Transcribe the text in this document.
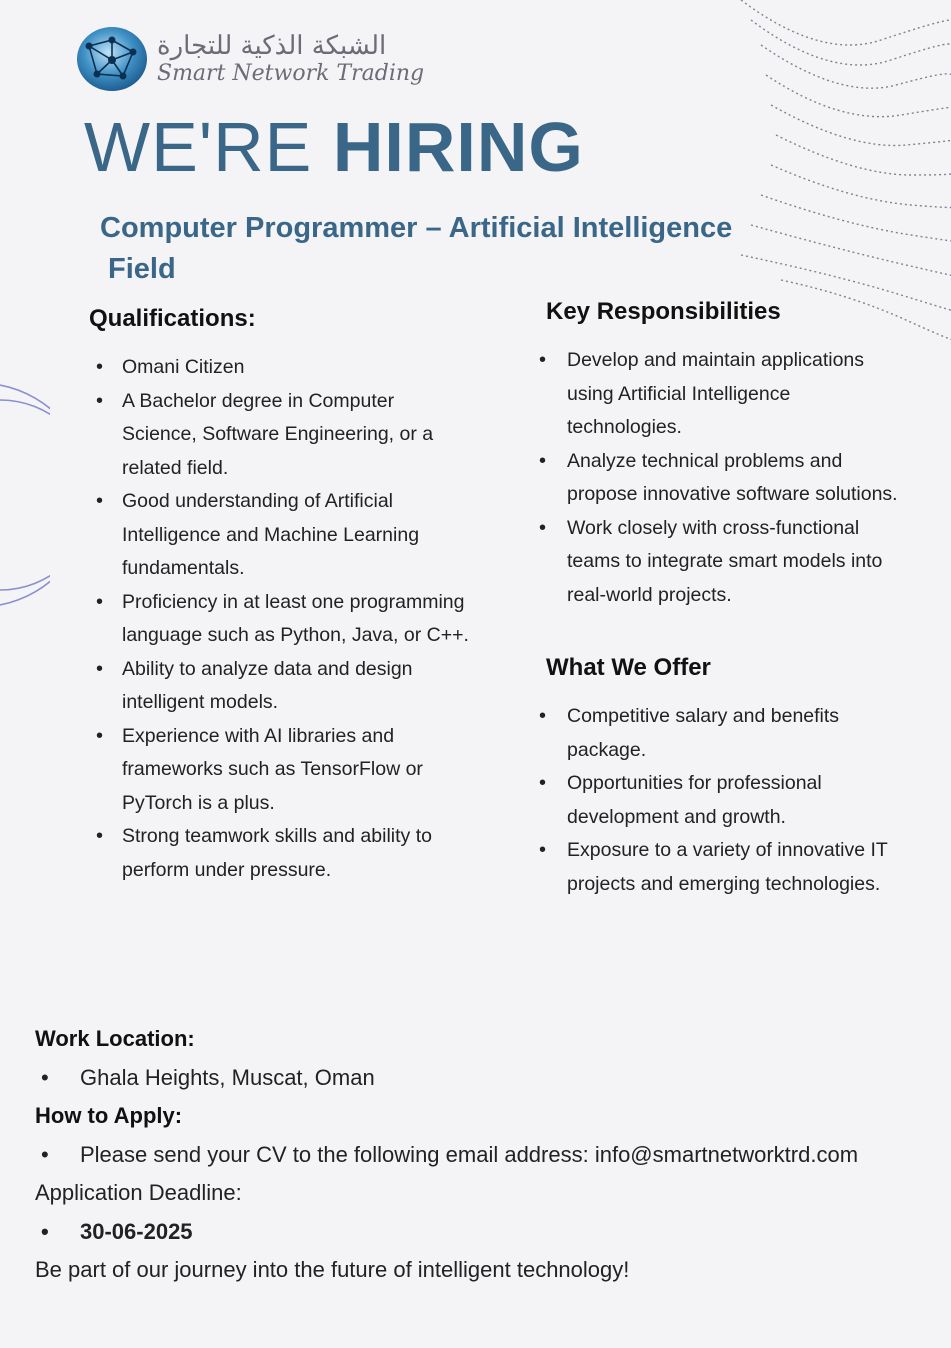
الشبكة الذكية للتجارة
Smart Network Trading
WE'RE HIRING
Computer Programmer – Artificial Intelligence
Field
Qualifications:
• Omani Citizen
• A Bachelor degree in Computer Science, Software Engineering, or a related field.
• Good understanding of Artificial Intelligence and Machine Learning fundamentals.
• Proficiency in at least one programming language such as Python, Java, or C++.
• Ability to analyze data and design intelligent models.
• Experience with AI libraries and frameworks such as TensorFlow or PyTorch is a plus.
• Strong teamwork skills and ability to perform under pressure.
Key Responsibilities
• Develop and maintain applications using Artificial Intelligence technologies.
• Analyze technical problems and propose innovative software solutions.
• Work closely with cross-functional teams to integrate smart models into real-world projects.
What We Offer
• Competitive salary and benefits package.
• Opportunities for professional development and growth.
• Exposure to a variety of innovative IT projects and emerging technologies.
Work Location:
• Ghala Heights, Muscat, Oman
How to Apply:
• Please send your CV to the following email address: info@smartnetworktrd.com
Application Deadline:
• 30-06-2025
Be part of our journey into the future of intelligent technology!
